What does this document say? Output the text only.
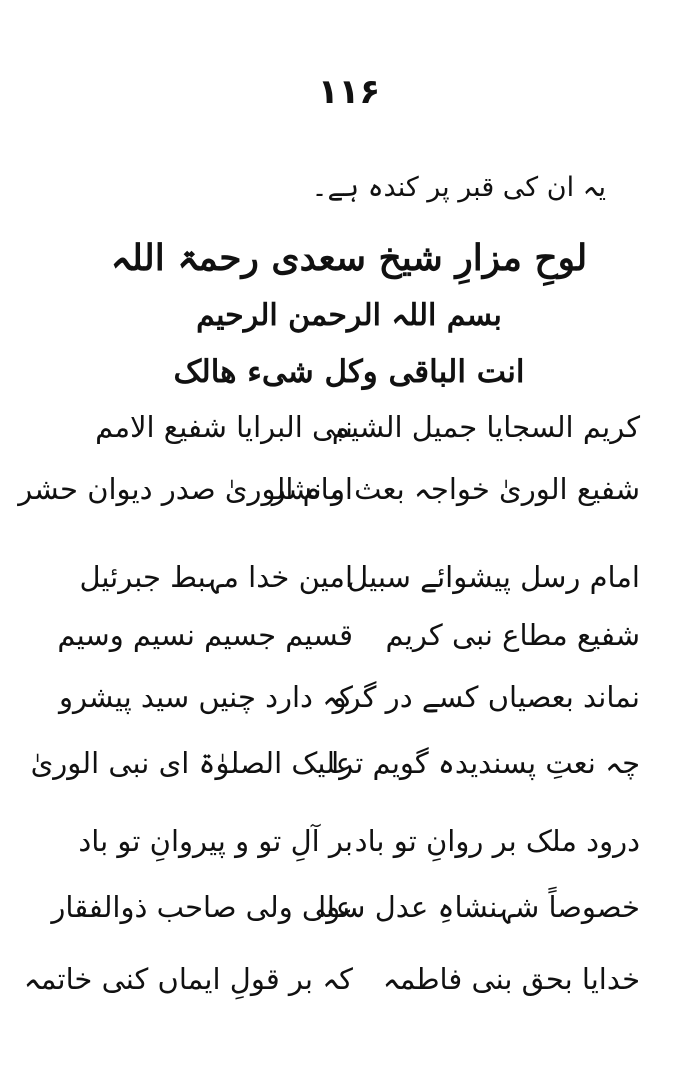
۱۱۶
یہ ان کی قبر پر کندہ ہے۔
لوحِ مزارِ شیخ سعدی رحمۃ اللہ
بسم اللہ الرحمن الرحیم
انت الباقی وکل شیء ھالک
کریم السجایا جمیل الشیم
نبی البرایا شفیع الامم
شفیع الوریٰ خواجہ بعث و نشر
امام الوریٰ صدر دیوان حشر
امام رسل پیشوائے سبیل
امین خدا مہبط جبرئیل
شفیع مطاع نبی کریم
قسیم جسیم نسیم وسیم
نماند بعصیاں کسے در گرو
کہ دارد چنیں سید پیشرو
چہ نعتِ پسندیدہ گویم ترا
علیک الصلوٰۃ ای نبی الوریٰ
درود ملک بر روانِ تو باد
بر آلِ تو و پیروانِ تو باد
خصوصاً شہنشاہِ عدل سوا
علی ولی صاحب ذوالفقار
خدایا بحق بنی فاطمہ
کہ بر قولِ ایماں کنی خاتمہ
